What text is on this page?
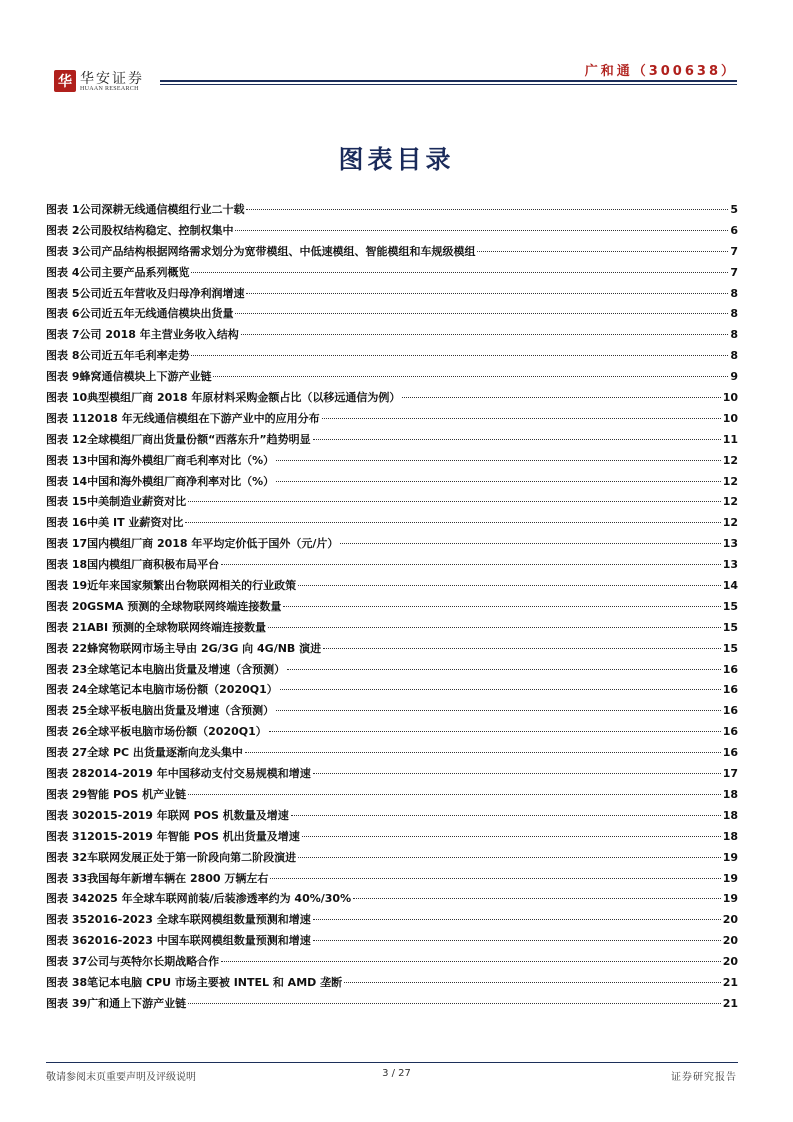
华 华安证券
HUAAN RESEARCH
广和通（300638）
图表目录
图表 1 公司深耕无线通信模组行业二十载	5
图表 2 公司股权结构稳定、控制权集中	6
图表 3 公司产品结构根据网络需求划分为宽带模组、中低速模组、智能模组和车规级模组	7
图表 4 公司主要产品系列概览	7
图表 5 公司近五年营收及归母净利润增速	8
图表 6 公司近五年无线通信模块出货量	8
图表 7 公司 2018 年主营业务收入结构	8
图表 8 公司近五年毛利率走势	8
图表 9 蜂窝通信模块上下游产业链	9
图表 10 典型模组厂商 2018 年原材料采购金额占比（以移远通信为例）	10
图表 11 2018 年无线通信模组在下游产业中的应用分布	10
图表 12 全球模组厂商出货量份额“西落东升”趋势明显	11
图表 13 中国和海外模组厂商毛利率对比（%）	12
图表 14 中国和海外模组厂商净利率对比（%）	12
图表 15 中美制造业薪资对比	12
图表 16 中美 IT 业薪资对比	12
图表 17 国内模组厂商 2018 年平均定价低于国外（元/片）	13
图表 18 国内模组厂商积极布局平台	13
图表 19 近年来国家频繁出台物联网相关的行业政策	14
图表 20 GSMA 预测的全球物联网终端连接数量	15
图表 21 ABI 预测的全球物联网终端连接数量	15
图表 22 蜂窝物联网市场主导由 2G/3G 向 4G/NB 演进	15
图表 23 全球笔记本电脑出货量及增速（含预测）	16
图表 24 全球笔记本电脑市场份额（2020Q1）	16
图表 25 全球平板电脑出货量及增速（含预测）	16
图表 26 全球平板电脑市场份额（2020Q1）	16
图表 27 全球 PC 出货量逐渐向龙头集中	16
图表 28 2014-2019 年中国移动支付交易规模和增速	17
图表 29 智能 POS 机产业链	18
图表 30 2015-2019 年联网 POS 机数量及增速	18
图表 31 2015-2019 年智能 POS 机出货量及增速	18
图表 32 车联网发展正处于第一阶段向第二阶段演进	19
图表 33 我国每年新增车辆在 2800 万辆左右	19
图表 34 2025 年全球车联网前装/后装渗透率约为 40%/30%	19
图表 35 2016-2023 全球车联网模组数量预测和增速	20
图表 36 2016-2023 中国车联网模组数量预测和增速	20
图表 37 公司与英特尔长期战略合作	20
图表 38 笔记本电脑 CPU 市场主要被 INTEL 和 AMD 垄断	21
图表 39 广和通上下游产业链	21
敬请参阅末页重要声明及评级说明	3 / 27	证券研究报告
